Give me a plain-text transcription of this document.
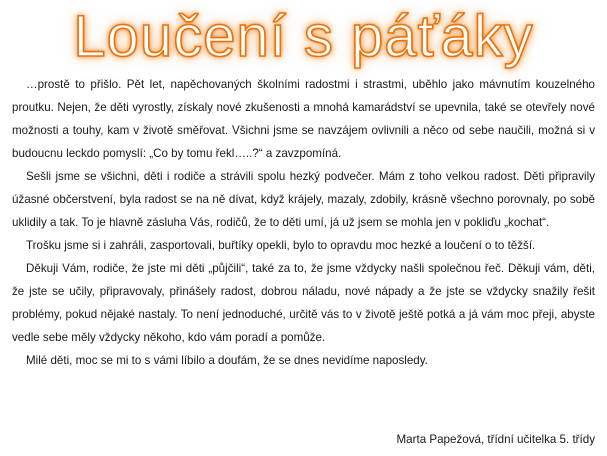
Loučení s páťáky

…prostě to přišlo. Pět let, napěchovaných školními radostmi i strastmi, uběhlo jako mávnutím kouzelného proutku. Nejen, že děti vyrostly, získaly nové zkušenosti a mnohá kamarádství se upevnila, také se otevřely nové možnosti a touhy, kam v životě směřovat. Všichni jsme se navzájem ovlivnili a něco od sebe naučili, možná si v budoucnu leckdo pomyslí: „Co by tomu řekl…..?“ a zavzpomíná.

Sešli jsme se všichni, děti i rodiče a strávili spolu hezký podvečer. Mám z toho velkou radost. Děti připravily úžasné občerstvení, byla radost se na ně dívat, když krájely, mazaly, zdobily, krásně všechno porovnaly, po sobě uklidily a tak. To je hlavně zásluha Vás, rodičů, že to děti umí, já už jsem se mohla jen v pokliďu „kochat“.

Trošku jsme si i zahráli, zasportovali, buřtíky opekli, bylo to opravdu moc hezké a loučení o to těžší.

Děkuji Vám, rodiče, že jste mi děti „půjčili“, také za to, že jsme vždycky našli společnou řeč. Děkuji vám, děti, že jste se učily, připravovaly, přinášely radost, dobrou náladu, nové nápady a že jste se vždycky snažily řešit problémy, pokud nějaké nastaly. To není jednoduché, určitě vás to v životě ještě potká a já vám moc přeji, abyste vedle sebe měly vždycky někoho, kdo vám poradí a pomůže.

Milé děti, moc se mi to s vámi líbilo a doufám, že se dnes nevidíme naposledy.

Marta Papežová, třídní učitelka 5. třídy
